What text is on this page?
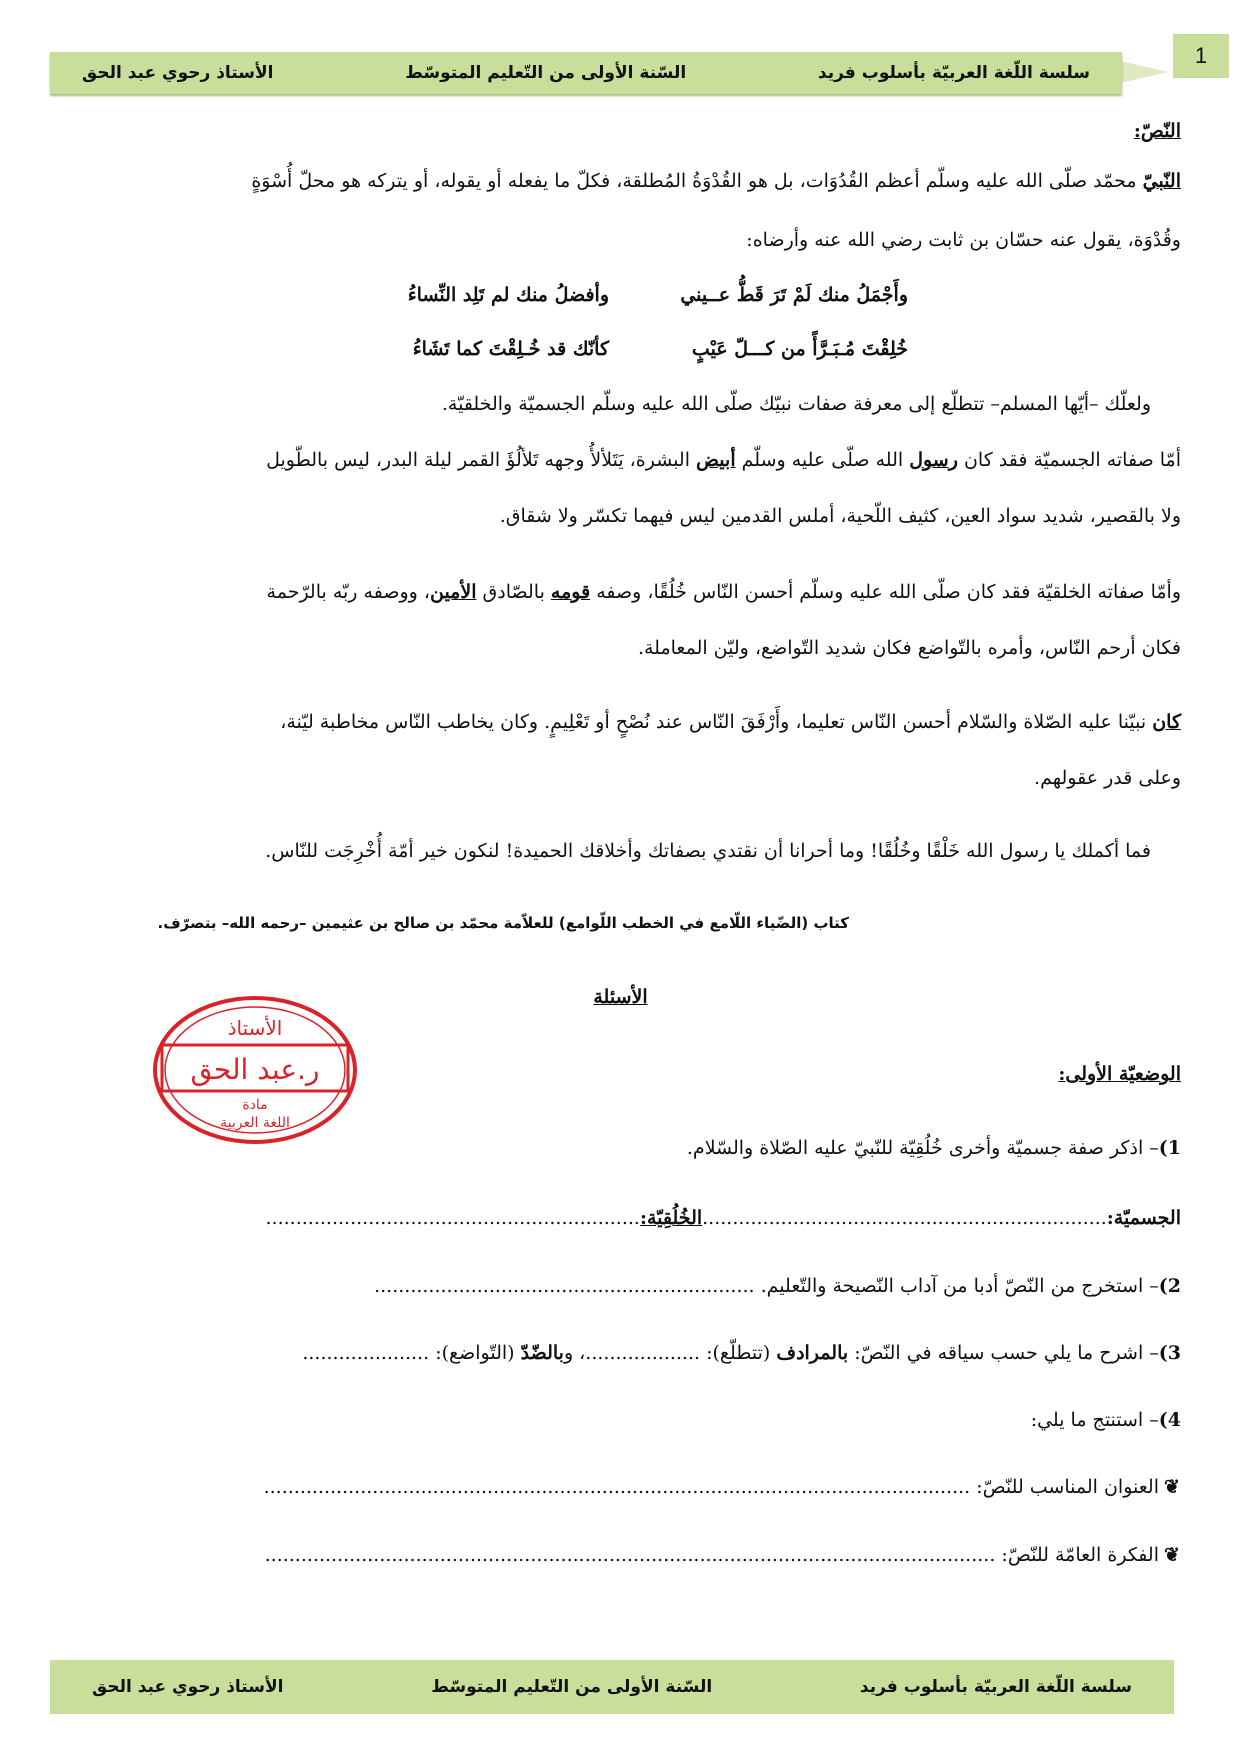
1
سلسة اللّغة العربيّة بأسلوب فريد
السّنة الأولى من التّعليم المتوسّط
الأستاذ رحوي عبد الحق
النّصّ:
النّبيّ محمّد صلّى الله عليه وسلّم أعظم القُدُوَات، بل هو القُدْوَةُ المُطلقة، فكلّ ما يفعله أو يقوله، أو يتركه هو محلّ أُسْوَةٍ
وقُدْوَة، يقول عنه حسّان بن ثابت رضي الله عنه وأرضاه:
وأَجْمَلُ منك لَمْ تَرَ قَطُّ عــيني
وأفضلُ منك لم تَلِد النِّساءُ
خُلِقْتَ مُـبَـرَّأً من كـــلّ عَيْبٍ
كأنّك قد خُـلِقْتَ كما تَشَاءُ
ولعلّك –أيّها المسلم– تتطلّع إلى معرفة صفات نبيّك صلّى الله عليه وسلّم الجسميّة والخلقيّة.
أمّا صفاته الجسميّة فقد كان رسول الله صلّى عليه وسلّم أبيض البشرة، يَتَلألأُ وجهه تَلألُؤَ القمر ليلة البدر، ليس بالطّويل
ولا بالقصير، شديد سواد العين، كثيف اللّحية، أملس القدمين ليس فيهما تكسّر ولا شقاق.
وأمّا صفاته الخلقيّة فقد كان صلّى الله عليه وسلّم أحسن النّاس خُلُقًا، وصفه قومه بالصّادق الأمين، ووصفه ربّه بالرّحمة
فكان أرحم النّاس، وأمره بالتّواضع فكان شديد التّواضع، وليّن المعاملة.
كان نبيّنا عليه الصّلاة والسّلام أحسن النّاس تعليما، وأَرْفَقَ النّاس عند نُصْحٍ أو تَعْلِيمٍ. وكان يخاطب النّاس مخاطبة ليّنة،
وعلى قدر عقولهم.
فما أكملك يا رسول الله خَلْقًا وخُلُقًا! وما أحرانا أن نقتدي بصفاتك وأخلاقك الحميدة! لنكون خير أمّة أُخْرِجَت للنّاس.
كتاب (الضّياء اللّامع في الخطب اللّوامع) للعلاّمة محمّد بن صالح بن عثيمين –رحمه الله– بتصرّف.
الأسئلة
الأستاذ
ر.عبد الحق
مادة
اللغة العربية
الوضعيّة الأولى:
1)– اذكر صفة جسميّة وأخرى خُلُقِيّة للنّبيّ عليه الصّلاة والسّلام.
الجسميّة:...................................................................الخُلُقِيّة:..............................................................
2)– استخرج من النّصّ أدبا من آداب النّصيحة والتّعليم. ...............................................................
3)– اشرح ما يلي حسب سياقه في النّصّ: بالمرادف (تتطلّع): ...................، وبالضّدّ (التّواضع): .....................
4)– استنتج ما يلي:
❦العنوان المناسب للنّصّ: .....................................................................................................................
❦الفكرة العامّة للنّصّ: .........................................................................................................................
سلسة اللّغة العربيّة بأسلوب فريد
السّنة الأولى من التّعليم المتوسّط
الأستاذ رحوي عبد الحق
